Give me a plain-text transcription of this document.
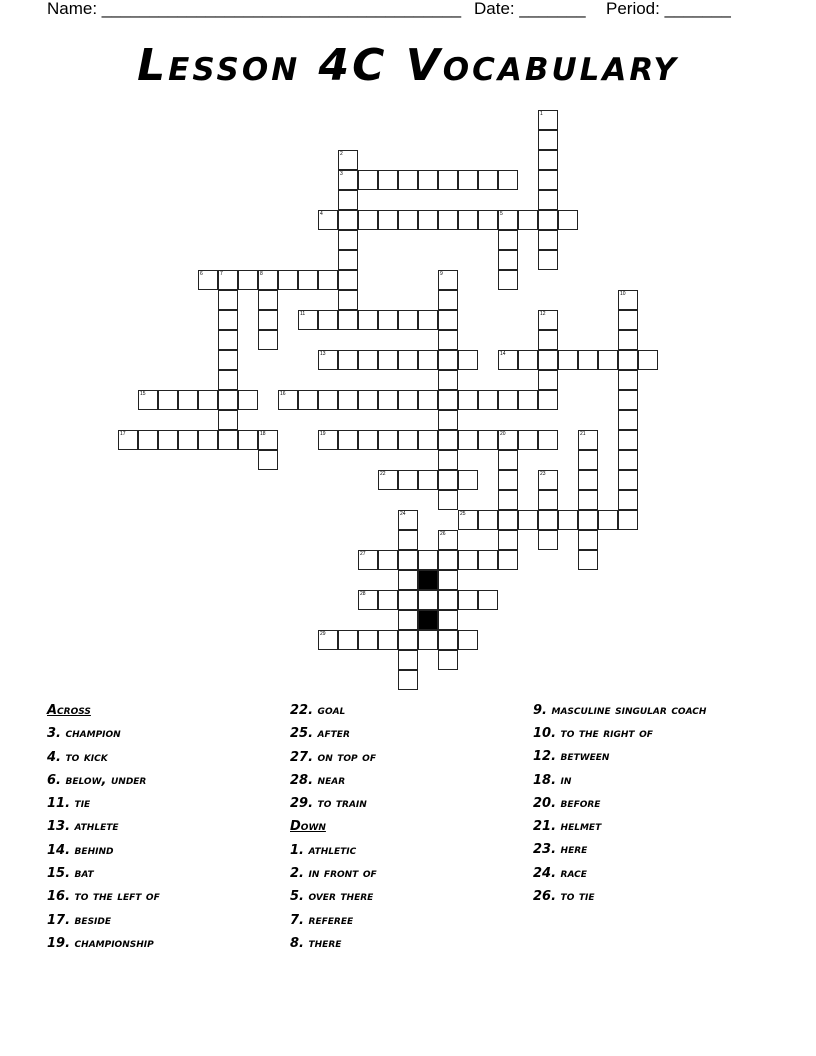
Name: ______________________________________ Date: _______ Period: _______
Lesson 4C Vocabulary
1
2
3
4	5
6	7	8	9
10
11	12
13	14
15	16
17	18	19	20	21
22	23
24	25
26
27
28
29
Across
3. champion
4. to kick
6. below, under
11. tie
13. athlete
14. behind
15. bat
16. to the left of
17. beside
19. championship
22. goal
25. after
27. on top of
28. near
29. to train
Down
1. athletic
2. in front of
5. over there
7. referee
8. there
9. masculine singular coach
10. to the right of
12. between
18. in
20. before
21. helmet
23. here
24. race
26. to tie
